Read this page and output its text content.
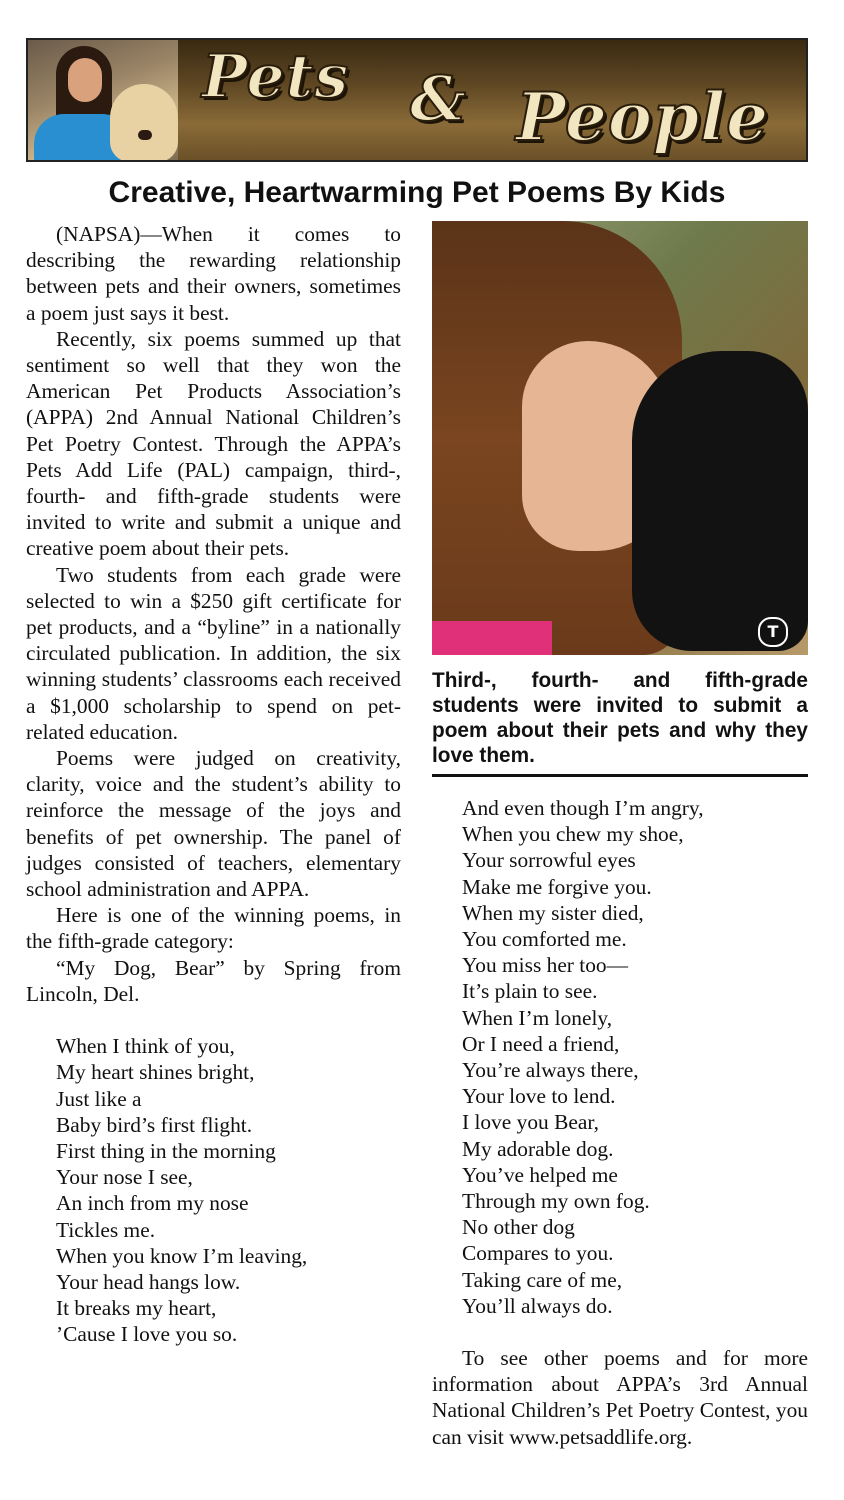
Pets & People
Creative, Heartwarming Pet Poems By Kids

(NAPSA)—When it comes to describing the rewarding relationship between pets and their owners, sometimes a poem just says it best.

Recently, six poems summed up that sentiment so well that they won the American Pet Products Association’s (APPA) 2nd Annual National Children’s Pet Poetry Contest. Through the APPA’s Pets Add Life (PAL) campaign, third-, fourth- and fifth-grade students were invited to write and submit a unique and creative poem about their pets.

Two students from each grade were selected to win a $250 gift certificate for pet products, and a “byline” in a nationally circulated publication. In addition, the six winning students’ classrooms each received a $1,000 scholarship to spend on pet-related education.

Poems were judged on creativity, clarity, voice and the student’s ability to reinforce the message of the joys and benefits of pet ownership. The panel of judges consisted of teachers, elementary school administration and APPA.

Here is one of the winning poems, in the fifth-grade category:

“My Dog, Bear” by Spring from Lincoln, Del.

When I think of you,
My heart shines bright,
Just like a
Baby bird’s first flight.
First thing in the morning
Your nose I see,
An inch from my nose
Tickles me.
When you know I’m leaving,
Your head hangs low.
It breaks my heart,
’Cause I love you so.
T

Third-, fourth- and fifth-grade students were invited to submit a poem about their pets and why they love them.

And even though I’m angry,
When you chew my shoe,
Your sorrowful eyes
Make me forgive you.
When my sister died,
You comforted me.
You miss her too—
It’s plain to see.
When I’m lonely,
Or I need a friend,
You’re always there,
Your love to lend.
I love you Bear,
My adorable dog.
You’ve helped me
Through my own fog.
No other dog
Compares to you.
Taking care of me,
You’ll always do.

To see other poems and for more information about APPA’s 3rd Annual National Children’s Pet Poetry Contest, you can visit www.petsaddlife.org.
